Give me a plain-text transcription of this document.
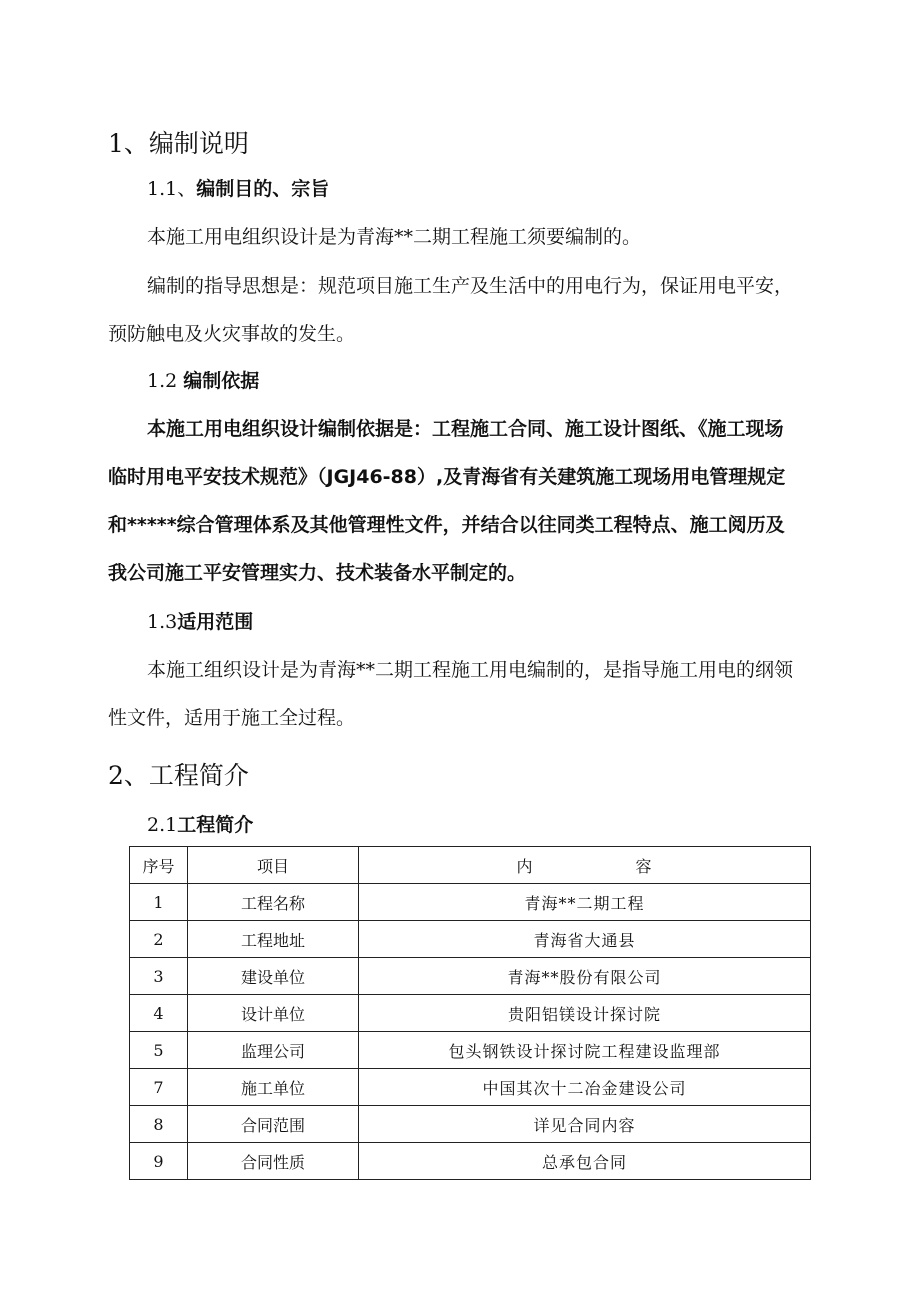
1、编制说明
1.1、编制目的、宗旨
本施工用电组织设计是为青海**二期工程施工须要编制的。
编制的指导思想是：规范项目施工生产及生活中的用电行为，保证用电平安，
预防触电及火灾事故的发生。
1.2 编制依据
本施工用电组织设计编制依据是：工程施工合同、施工设计图纸、《施工现场
临时用电平安技术规范》（JGJ46-88）,及青海省有关建筑施工现场用电管理规定
和*****综合管理体系及其他管理性文件，并结合以往同类工程特点、施工阅历及
我公司施工平安管理实力、技术装备水平制定的。
1.3适用范围
本施工组织设计是为青海**二期工程施工用电编制的，是指导施工用电的纲领
性文件，适用于施工全过程。
2、工程简介
2.1工程简介
序号	项目	内　　　　　　容
1	工程名称	青海**二期工程
2	工程地址	青海省大通县
3	建设单位	青海**股份有限公司
4	设计单位	贵阳铝镁设计探讨院
5	监理公司	包头钢铁设计探讨院工程建设监理部
7	施工单位	中国其次十二冶金建设公司
8	合同范围	详见合同内容
9	合同性质	总承包合同
